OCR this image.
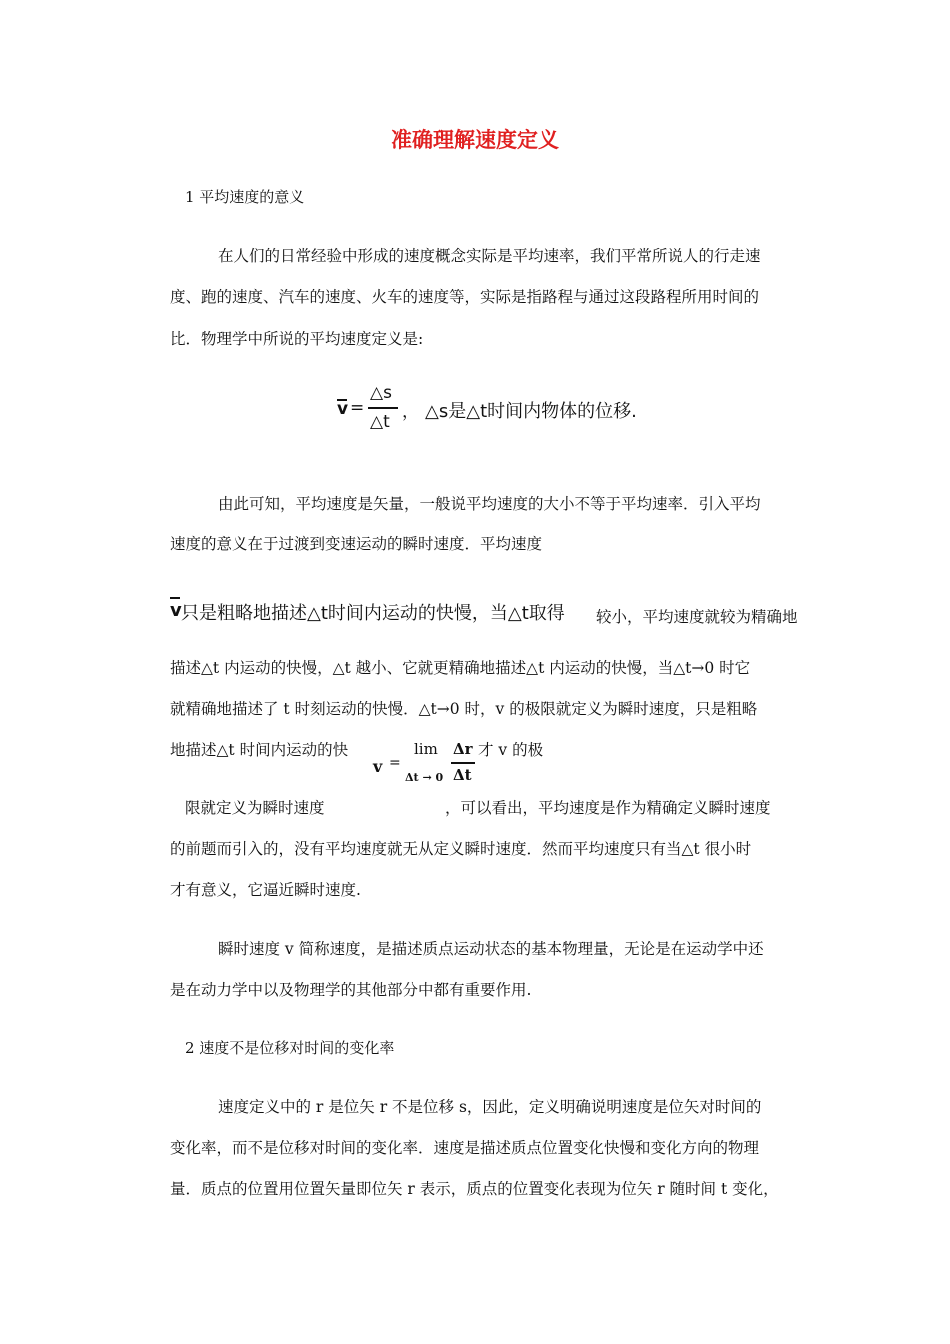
准确理解速度定义
1 平均速度的意义
在人们的日常经验中形成的速度概念实际是平均速率，我们平常所说人的行走速
度、跑的速度、汽车的速度、火车的速度等，实际是指路程与通过这段路程所用时间的
比．物理学中所说的平均速度定义是:
v =
△s
△t ， △s是△t时间内物体的位移.
由此可知，平均速度是矢量，一般说平均速度的大小不等于平均速率．引入平均
速度的意义在于过渡到变速运动的瞬时速度．平均速度
v 只是粗略地描述△t时间内运动的快慢，当△t取得 较小，平均速度就较为精确地
描述△t 内运动的快慢，△t 越小、它就更精确地描述△t 内运动的快慢，当△t→0 时它
就精确地描述了 t 时刻运动的快慢．△t→0 时，v 的极限就定义为瞬时速度，只是粗略
地描述△t 时间内运动的快	才 v 的极
v =
lim
Δt → 0
Δr
Δt
限就定义为瞬时速度	，可以看出，平均速度是作为精确定义瞬时速度
的前题而引入的，没有平均速度就无从定义瞬时速度．然而平均速度只有当△t 很小时
才有意义，它逼近瞬时速度.
瞬时速度 v 简称速度，是描述质点运动状态的基本物理量，无论是在运动学中还
是在动力学中以及物理学的其他部分中都有重要作用.
2 速度不是位移对时间的变化率
速度定义中的 r 是位矢 r 不是位移 s，因此，定义明确说明速度是位矢对时间的
变化率，而不是位移对时间的变化率．速度是描述质点位置变化快慢和变化方向的物理
量．质点的位置用位置矢量即位矢 r 表示，质点的位置变化表现为位矢 r 随时间 t 变化，
